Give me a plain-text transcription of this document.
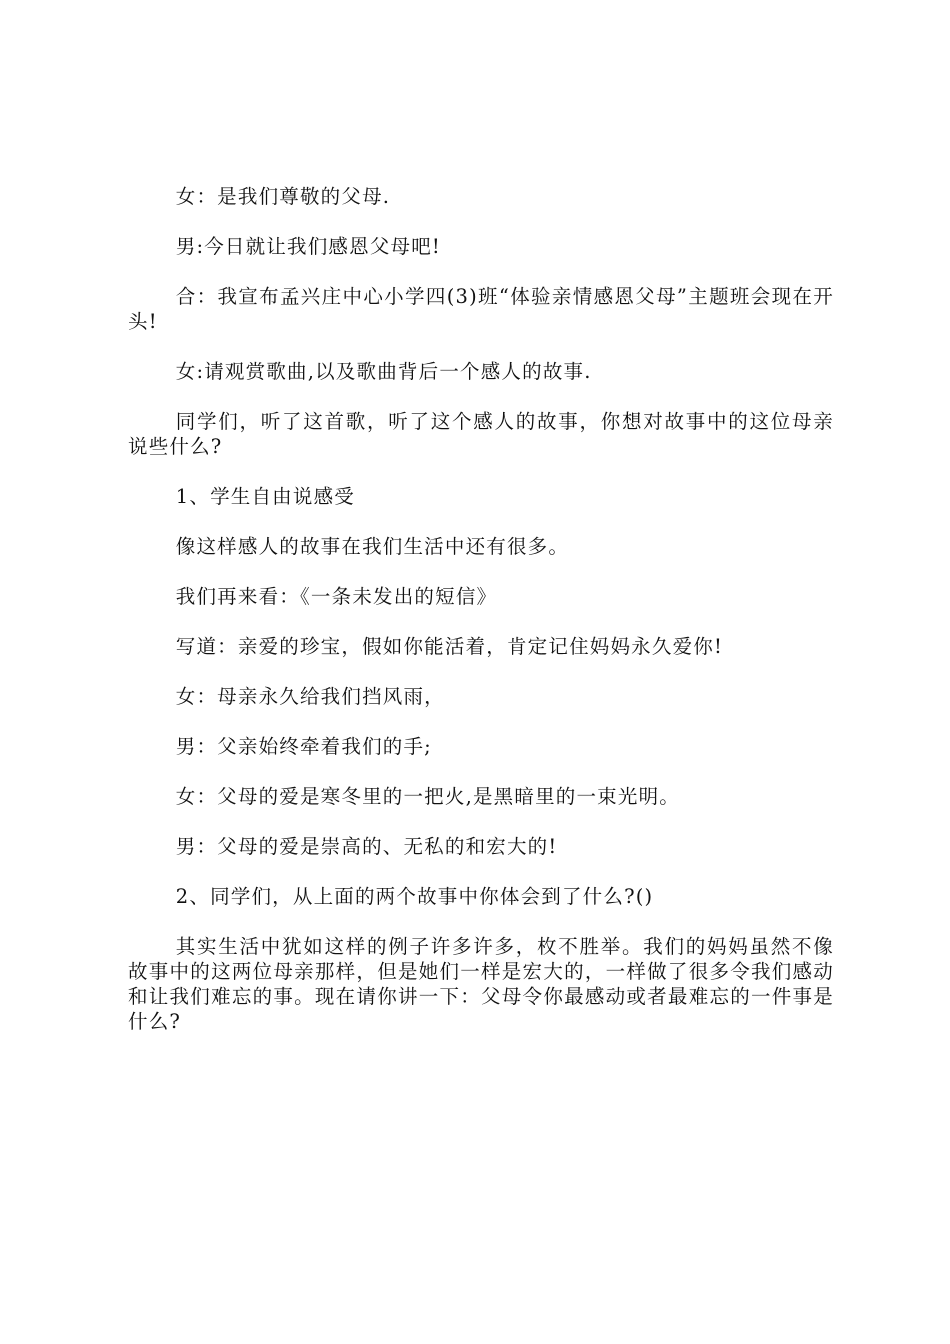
女：是我们尊敬的父母.

男:今日就让我们感恩父母吧!

合：我宣布孟兴庄中心小学四(3)班“体验亲情感恩父母”主题班会现在开头!

女:请观赏歌曲,以及歌曲背后一个感人的故事.

同学们，听了这首歌，听了这个感人的故事，你想对故事中的这位母亲说些什么?

1、学生自由说感受

像这样感人的故事在我们生活中还有很多。

我们再来看：《一条未发出的短信》

写道：亲爱的珍宝，假如你能活着，肯定记住妈妈永久爱你!

女：母亲永久给我们挡风雨，

男：父亲始终牵着我们的手;

女：父母的爱是寒冬里的一把火,是黑暗里的一束光明。

男：父母的爱是崇高的、无私的和宏大的!

2、同学们，从上面的两个故事中你体会到了什么?()

其实生活中犹如这样的例子许多许多，枚不胜举。我们的妈妈虽然不像故事中的这两位母亲那样，但是她们一样是宏大的，一样做了很多令我们感动和让我们难忘的事。现在请你讲一下：父母令你最感动或者最难忘的一件事是什么?
